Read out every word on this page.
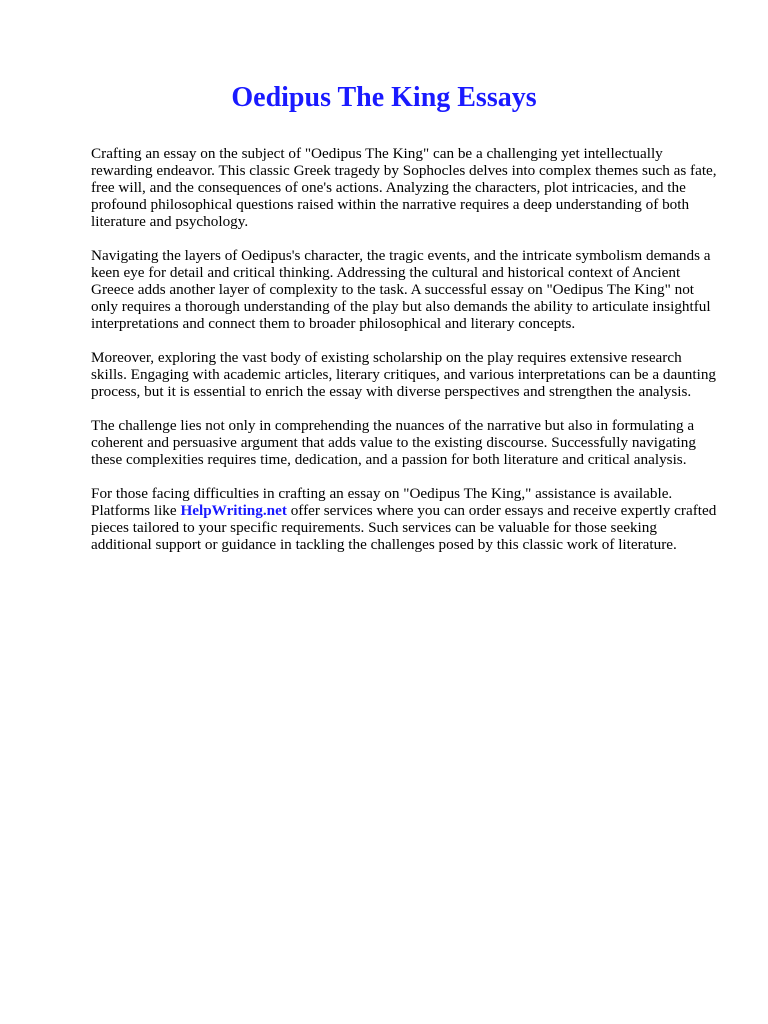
Oedipus The King Essays

Crafting an essay on the subject of "Oedipus The King" can be a challenging yet intellectually rewarding endeavor. This classic Greek tragedy by Sophocles delves into complex themes such as fate, free will, and the consequences of one's actions. Analyzing the characters, plot intricacies, and the profound philosophical questions raised within the narrative requires a deep understanding of both literature and psychology.

Navigating the layers of Oedipus's character, the tragic events, and the intricate symbolism demands a keen eye for detail and critical thinking. Addressing the cultural and historical context of Ancient Greece adds another layer of complexity to the task. A successful essay on "Oedipus The King" not only requires a thorough understanding of the play but also demands the ability to articulate insightful interpretations and connect them to broader philosophical and literary concepts.

Moreover, exploring the vast body of existing scholarship on the play requires extensive research skills. Engaging with academic articles, literary critiques, and various interpretations can be a daunting process, but it is essential to enrich the essay with diverse perspectives and strengthen the analysis.

The challenge lies not only in comprehending the nuances of the narrative but also in formulating a coherent and persuasive argument that adds value to the existing discourse. Successfully navigating these complexities requires time, dedication, and a passion for both literature and critical analysis.

For those facing difficulties in crafting an essay on "Oedipus The King," assistance is available. Platforms like HelpWriting.net offer services where you can order essays and receive expertly crafted pieces tailored to your specific requirements. Such services can be valuable for those seeking additional support or guidance in tackling the challenges posed by this classic work of literature.
